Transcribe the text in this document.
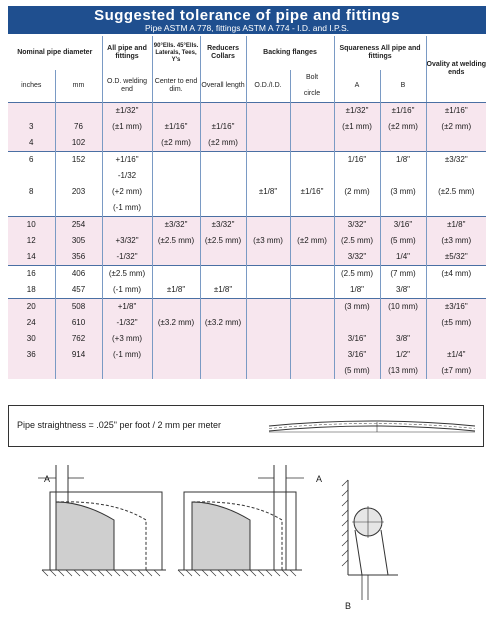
Suggested tolerance of pipe and fittings
Pipe ASTM A 778, fittings ASTM A 774 - I.D. and I.P.S.
Nominal pipe diameter		All pipe and fittings	90°Ells. 45°Ells. Laterals, Tees, Y's	Reducers Collars	Backing flanges		Squareness All pipe and fittings		Ovality at welding ends
inches	mm	O.D. welding end	Center to end dim.	Overall length	O.D./I.D.	Bolt

circle	A	B	
		±1/32"					±1/32"	±1/16"	±1/16"
3	76	(±1 mm)	±1/16"	±1/16"			(±1 mm)	(±2 mm)	(±2 mm)
4	102		(±2 mm)	(±2 mm)					
6	152	+1/16"					1/16"	1/8"	±3/32"
		-1/32							
8	203	(+2 mm)			±1/8"	±1/16"	(2 mm)	(3 mm)	(±2.5 mm)
		(-1 mm)							
10	254		±3/32"	±3/32"			3/32"	3/16"	±1/8"
12	305	+3/32"	(±2.5 mm)	(±2.5 mm)	(±3 mm)	(±2 mm)	(2.5 mm)	(5 mm)	(±3 mm)
14	356	-1/32"					3/32"	1/4"	±5/32"
16	406	(±2.5 mm)					(2.5 mm)	(7 mm)	(±4 mm)
18	457	(-1 mm)	±1/8"	±1/8"			1/8"	3/8"	
20	508	+1/8"					(3 mm)	(10 mm)	±3/16"
24	610	-1/32"	(±3.2 mm)	(±3.2 mm)					(±5 mm)
30	762	(+3 mm)					3/16"	3/8"	
36	914	(-1 mm)					3/16"	1/2"	±1/4"
							(5 mm)	(13 mm)	(±7 mm)
Pipe straightness = .025" per foot / 2 mm per meter
A	A
B
